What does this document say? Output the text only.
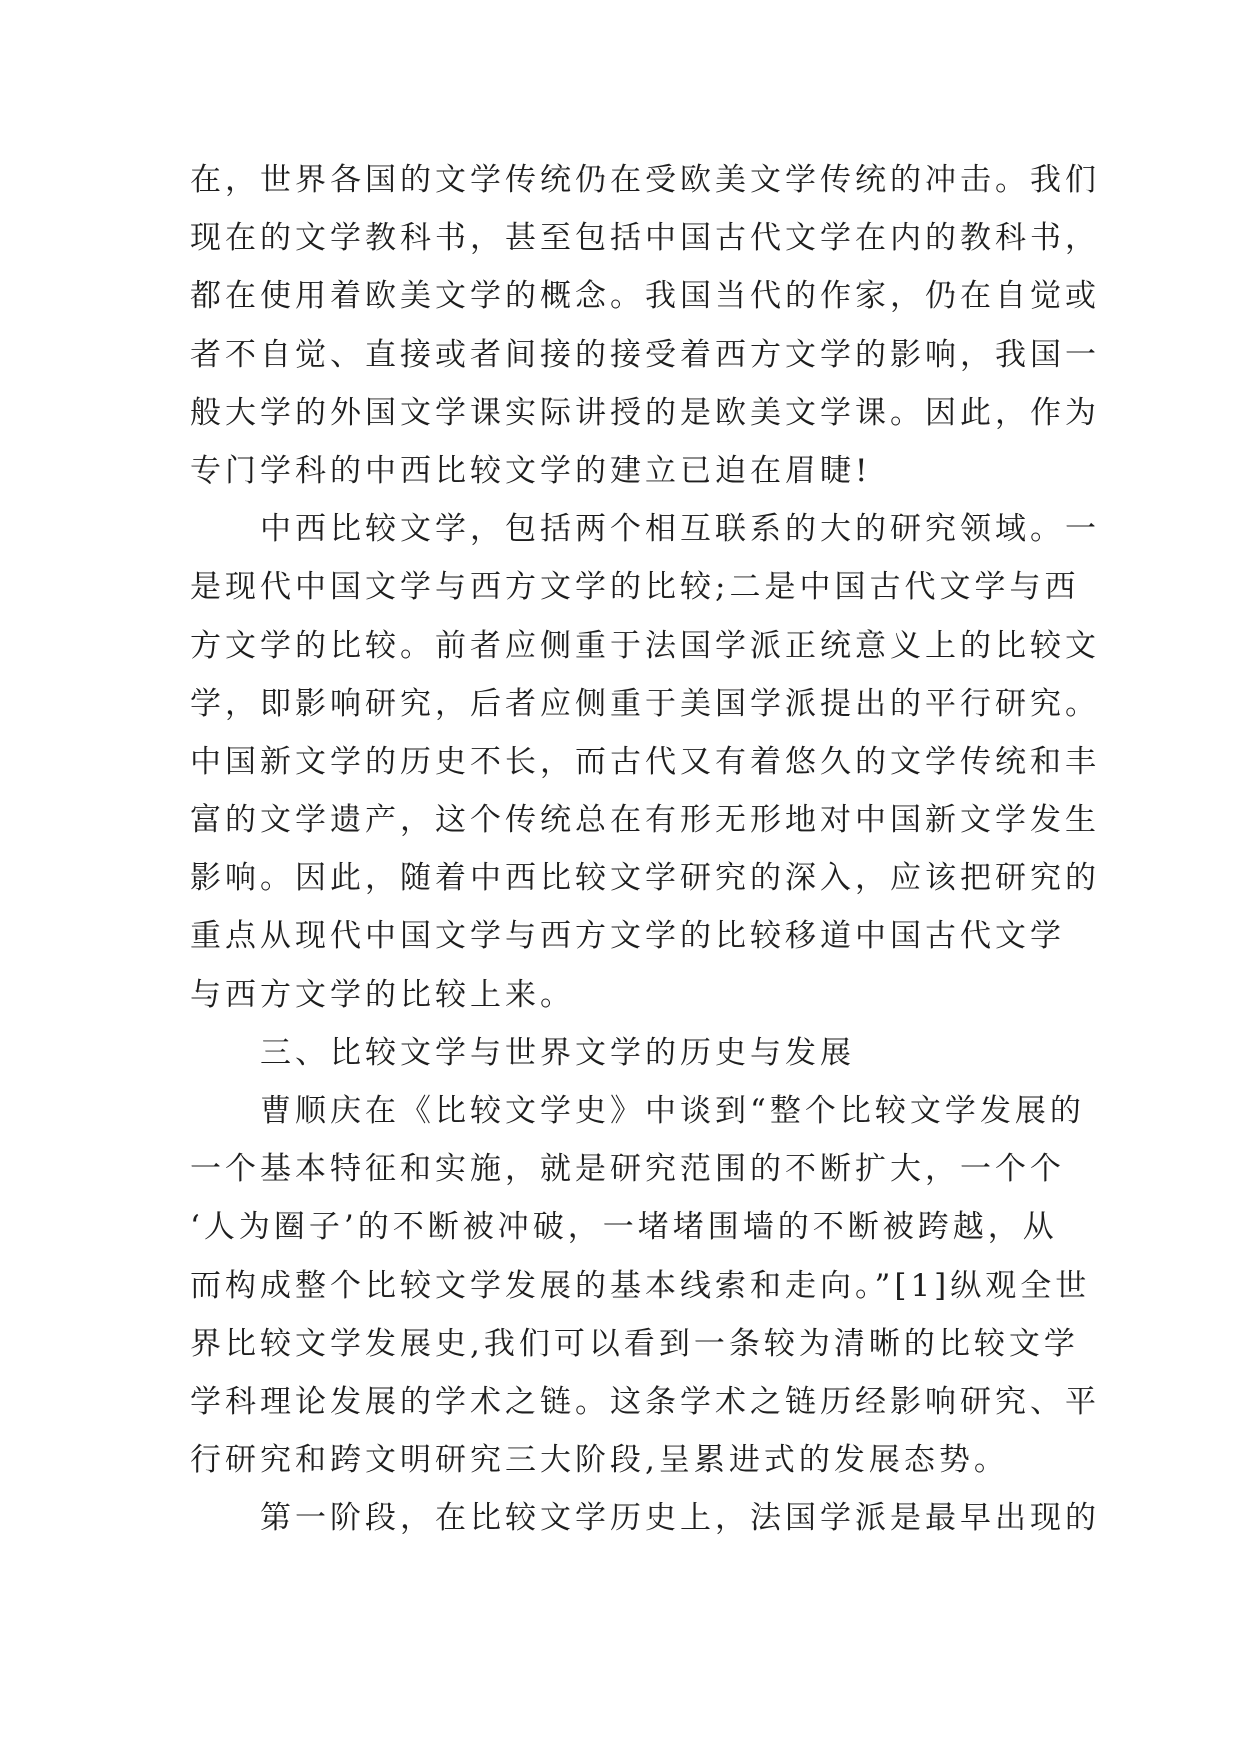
在，世界各国的文学传统仍在受欧美文学传统的冲击。我们
现在的文学教科书，甚至包括中国古代文学在内的教科书，
都在使用着欧美文学的概念。我国当代的作家，仍在自觉或
者不自觉、直接或者间接的接受着西方文学的影响，我国一
般大学的外国文学课实际讲授的是欧美文学课。因此，作为
专门学科的中西比较文学的建立已迫在眉睫!
中西比较文学，包括两个相互联系的大的研究领域。一
是现代中国文学与西方文学的比较;二是中国古代文学与西
方文学的比较。前者应侧重于法国学派正统意义上的比较文
学，即影响研究，后者应侧重于美国学派提出的平行研究。
中国新文学的历史不长，而古代又有着悠久的文学传统和丰
富的文学遗产，这个传统总在有形无形地对中国新文学发生
影响。因此，随着中西比较文学研究的深入，应该把研究的
重点从现代中国文学与西方文学的比较移道中国古代文学
与西方文学的比较上来。
三、比较文学与世界文学的历史与发展
曹顺庆在《比较文学史》中谈到“整个比较文学发展的
一个基本特征和实施，就是研究范围的不断扩大，一个个
‘人为圈子’的不断被冲破，一堵堵围墙的不断被跨越，从
而构成整个比较文学发展的基本线索和走向。”[1]纵观全世
界比较文学发展史,我们可以看到一条较为清晰的比较文学
学科理论发展的学术之链。这条学术之链历经影响研究、平
行研究和跨文明研究三大阶段,呈累进式的发展态势。
第一阶段，在比较文学历史上，法国学派是最早出现的
